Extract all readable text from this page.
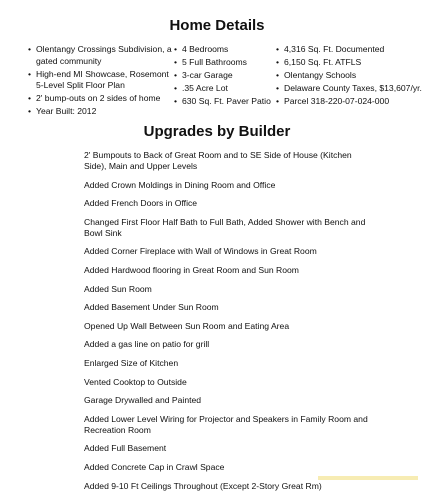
Home Details
• Olentangy Crossings Subdivision, a gated community
• High-end MI Showcase, Rosemont 5-Level Split Floor Plan
• 2' bump-outs on 2 sides of home
• Year Built: 2012
• 4 Bedrooms
• 5 Full Bathrooms
• 3-car Garage
• .35 Acre Lot
• 630 Sq. Ft. Paver Patio
• 4,316 Sq. Ft. Documented
• 6,150 Sq. Ft. ATFLS
• Olentangy Schools
• Delaware County Taxes, $13,607/yr.
• Parcel 318-220-07-024-000
Upgrades by Builder
2' Bumpouts to Back of Great Room and to SE Side of House (Kitchen Side), Main and Upper Levels
Added Crown Moldings in Dining Room and Office
Added French Doors in Office
Changed First Floor Half Bath to Full Bath, Added Shower with Bench and Bowl Sink
Added Corner Fireplace with Wall of Windows in Great Room
Added Hardwood flooring in Great Room and Sun Room
Added Sun Room
Added Basement Under Sun Room
Opened Up Wall Between Sun Room and Eating Area
Added a gas line on patio for grill
Enlarged Size of Kitchen
Vented Cooktop to Outside
Garage Drywalled and Painted
Added Lower Level Wiring for Projector and Speakers in Family Room and Recreation Room
Added Full Basement
Added Concrete Cap in Crawl Space
Added 9-10 Ft Ceilings Throughout (Except 2-Story Great Rm)
